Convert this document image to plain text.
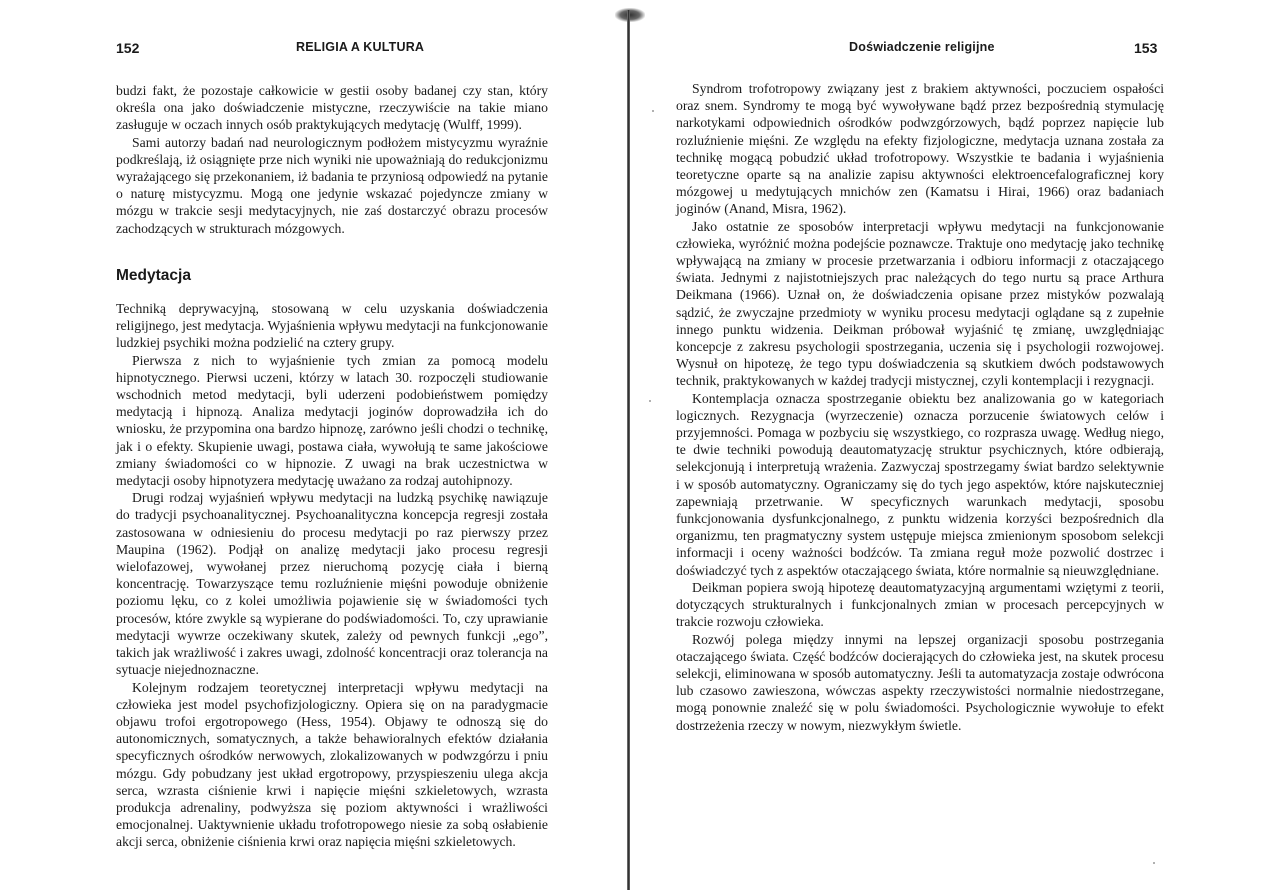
152	RELIGIA A KULTURA

budzi fakt, że pozostaje całkowicie w gestii osoby badanej czy stan, który określa ona jako doświadczenie mistyczne, rzeczywiście na takie miano zasługuje w oczach innych osób praktykujących medytację (Wulff, 1999).

Sami autorzy badań nad neurologicznym podłożem mistycyzmu wyraźnie podkreślają, iż osiągnięte prze nich wyniki nie upoważniają do redukcjonizmu wyrażającego się przekonaniem, iż badania te przyniosą odpowiedź na pytanie o naturę mistycyzmu. Mogą one jedynie wskazać pojedyncze zmiany w mózgu w trakcie sesji medytacyjnych, nie zaś dostarczyć obrazu procesów zachodzących w strukturach mózgowych.

Medytacja

Techniką deprywacyjną, stosowaną w celu uzyskania doświadczenia religijnego, jest medytacja. Wyjaśnienia wpływu medytacji na funkcjonowanie ludzkiej psychiki można podzielić na cztery grupy.

Pierwsza z nich to wyjaśnienie tych zmian za pomocą modelu hipnotycznego. Pierwsi uczeni, którzy w latach 30. rozpoczęli studiowanie wschodnich metod medytacji, byli uderzeni podobieństwem pomiędzy medytacją i hipnozą. Analiza medytacji joginów doprowadziła ich do wniosku, że przypomina ona bardzo hipnozę, zarówno jeśli chodzi o technikę, jak i o efekty. Skupienie uwagi, postawa ciała, wywołują te same jakościowe zmiany świadomości co w hipnozie. Z uwagi na brak uczestnictwa w medytacji osoby hipnotyzera medytację uważano za rodzaj autohipnozy.

Drugi rodzaj wyjaśnień wpływu medytacji na ludzką psychikę nawiązuje do tradycji psychoanalitycznej. Psychoanalityczna koncepcja regresji została zastosowana w odniesieniu do procesu medytacji po raz pierwszy przez Maupina (1962). Podjął on analizę medytacji jako procesu regresji wielofazowej, wywołanej przez nieruchomą pozycję ciała i bierną koncentrację. Towarzyszące temu rozluźnienie mięśni powoduje obniżenie poziomu lęku, co z kolei umożliwia pojawienie się w świadomości tych procesów, które zwykle są wypierane do podświadomości. To, czy uprawianie medytacji wywrze oczekiwany skutek, zależy od pewnych funkcji „ego”, takich jak wrażliwość i zakres uwagi, zdolność koncentracji oraz tolerancja na sytuacje niejednoznaczne.

Kolejnym rodzajem teoretycznej interpretacji wpływu medytacji na człowieka jest model psychofizjologiczny. Opiera się on na paradygmacie objawu trofoi ergotropowego (Hess, 1954). Objawy te odnoszą się do autonomicznych, somatycznych, a także behawioralnych efektów działania specyficznych ośrodków nerwowych, zlokalizowanych w podwzgórzu i pniu mózgu. Gdy pobudzany jest układ ergotropowy, przyspieszeniu ulega akcja serca, wzrasta ciśnienie krwi i napięcie mięśni szkieletowych, wzrasta produkcja adrenaliny, podwyższa się poziom aktywności i wrażliwości emocjonalnej. Uaktywnienie układu trofotropowego niesie za sobą osłabienie akcji serca, obniżenie ciśnienia krwi oraz napięcia mięśni szkieletowych.

Doświadczenie religijne	153

Syndrom trofotropowy związany jest z brakiem aktywności, poczuciem ospałości oraz snem. Syndromy te mogą być wywoływane bądź przez bezpośrednią stymulację narkotykami odpowiednich ośrodków podwzgórzowych, bądź poprzez napięcie lub rozluźnienie mięśni. Ze względu na efekty fizjologiczne, medytacja uznana została za technikę mogącą pobudzić układ trofotropowy. Wszystkie te badania i wyjaśnienia teoretyczne oparte są na analizie zapisu aktywności elektroencefalograficznej kory mózgowej u medytujących mnichów zen (Kamatsu i Hirai, 1966) oraz badaniach joginów (Anand, Misra, 1962).

Jako ostatnie ze sposobów interpretacji wpływu medytacji na funkcjonowanie człowieka, wyróżnić można podejście poznawcze. Traktuje ono medytację jako technikę wpływającą na zmiany w procesie przetwarzania i odbioru informacji z otaczającego świata. Jednymi z najistotniejszych prac należących do tego nurtu są prace Arthura Deikmana (1966). Uznał on, że doświadczenia opisane przez mistyków pozwalają sądzić, że zwyczajne przedmioty w wyniku procesu medytacji oglądane są z zupełnie innego punktu widzenia. Deikman próbował wyjaśnić tę zmianę, uwzględniając koncepcje z zakresu psychologii spostrzegania, uczenia się i psychologii rozwojowej. Wysnuł on hipotezę, że tego typu doświadczenia są skutkiem dwóch podstawowych technik, praktykowanych w każdej tradycji mistycznej, czyli kontemplacji i rezygnacji.

Kontemplacja oznacza spostrzeganie obiektu bez analizowania go w kategoriach logicznych. Rezygnacja (wyrzeczenie) oznacza porzucenie światowych celów i przyjemności. Pomaga w pozbyciu się wszystkiego, co rozprasza uwagę. Według niego, te dwie techniki powodują deautomatyzację struktur psychicznych, które odbierają, selekcjonują i interpretują wrażenia. Zazwyczaj spostrzegamy świat bardzo selektywnie i w sposób automatyczny. Ograniczamy się do tych jego aspektów, które najskuteczniej zapewniają przetrwanie. W specyficznych warunkach medytacji, sposobu funkcjonowania dysfunkcjonalnego, z punktu widzenia korzyści bezpośrednich dla organizmu, ten pragmatyczny system ustępuje miejsca zmienionym sposobom selekcji informacji i oceny ważności bodźców. Ta zmiana reguł może pozwolić dostrzec i doświadczyć tych z aspektów otaczającego świata, które normalnie są nieuwzględniane.

Deikman popiera swoją hipotezę deautomatyzacyjną argumentami wziętymi z teorii, dotyczących strukturalnych i funkcjonalnych zmian w procesach percepcyjnych w trakcie rozwoju człowieka.

Rozwój polega między innymi na lepszej organizacji sposobu postrzegania otaczającego świata. Część bodźców docierających do człowieka jest, na skutek procesu selekcji, eliminowana w sposób automatyczny. Jeśli ta automatyzacja zostaje odwrócona lub czasowo zawieszona, wówczas aspekty rzeczywistości normalnie niedostrzegane, mogą ponownie znaleźć się w polu świadomości. Psychologicznie wywołuje to efekt dostrzeżenia rzeczy w nowym, niezwykłym świetle.
